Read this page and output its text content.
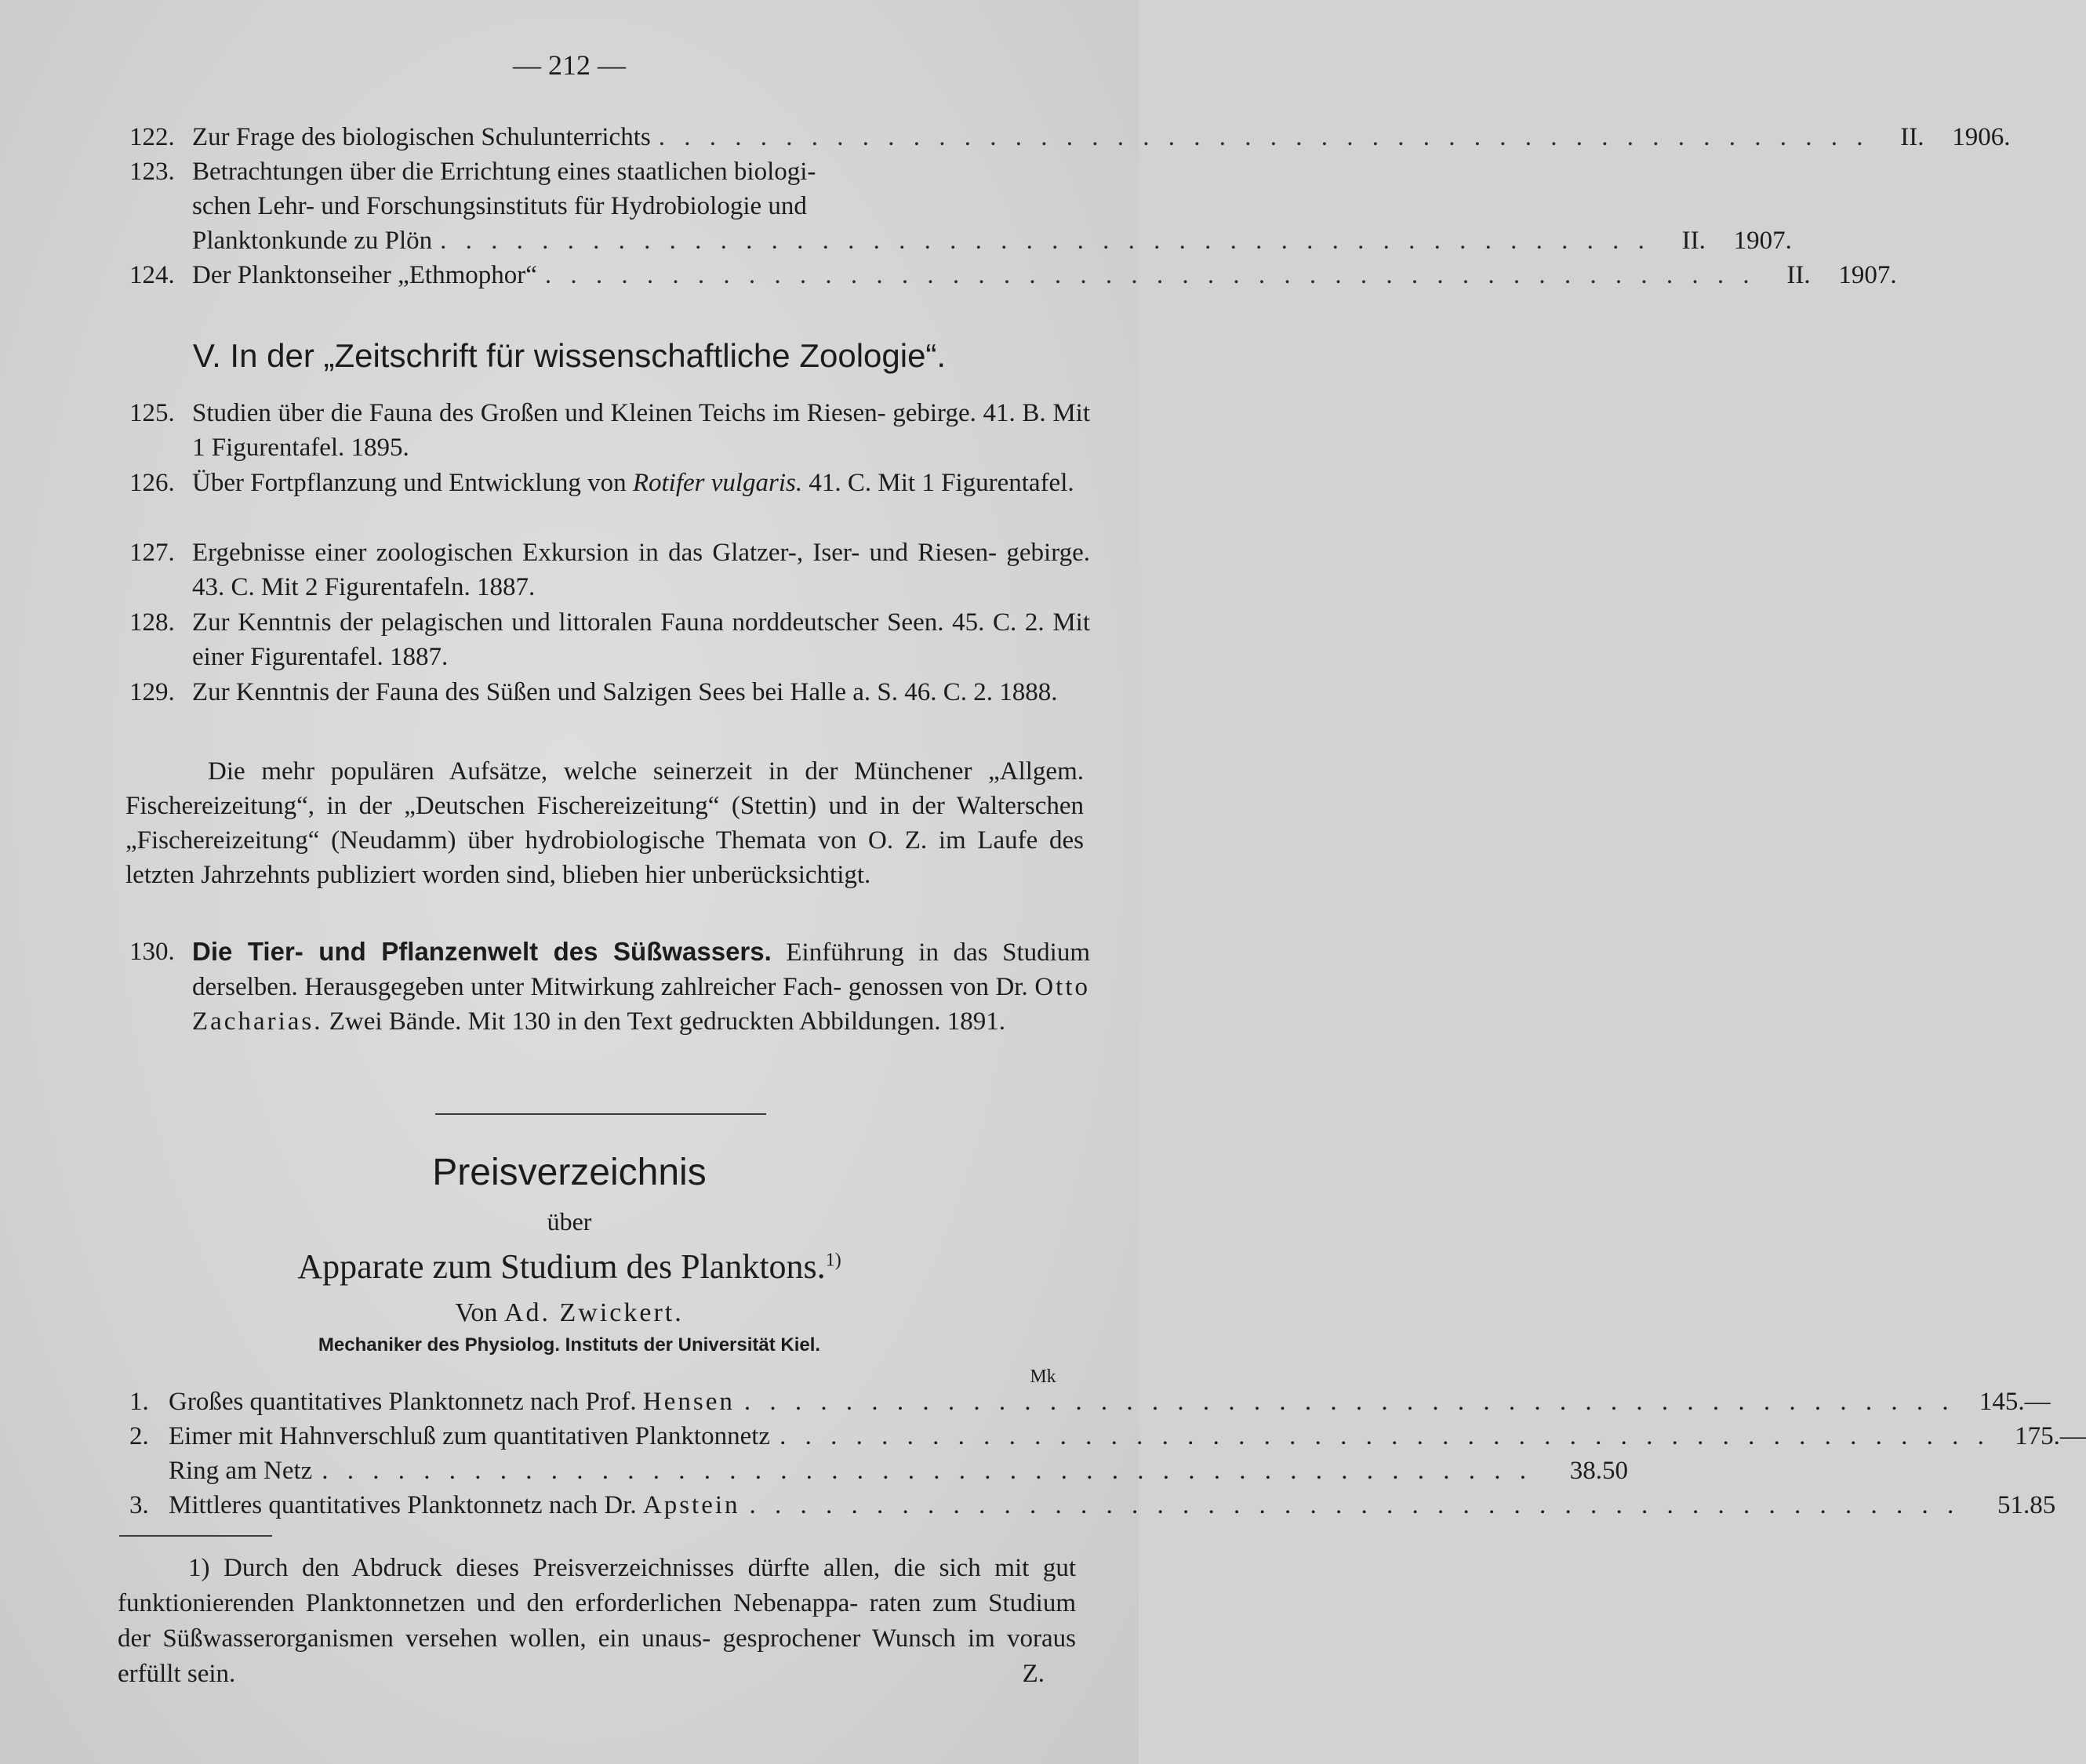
— 212 —
122. Zur Frage des biologischen Schulunterrichts . . . . . . . . . . . . . . . . . . . . . . . . . . . . . . . . . . . . . . . . . . . . . . . .	II.	1906.
123. Betrachtungen über die Errichtung eines staatlichen biologi-
schen Lehr- und Forschungsinstituts für Hydrobiologie und
Planktonkunde zu Plön . . . . . . . . . . . . . . . . . . . . . . . . . . . . . . . . . . . . . . . . . . . . . . . .	II.	1907.
124. Der Planktonseiher „Ethmophor“ . . . . . . . . . . . . . . . . . . . . . . . . . . . . . . . . . . . . . . . . . . . . . . . .	II.	1907.
V. In der „Zeitschrift für wissenschaftliche Zoologie“.
125. Studien über die Fauna des Großen und Kleinen Teichs im Riesen- gebirge. 41. B. Mit 1 Figurentafel. 1895.
126. Über Fortpflanzung und Entwicklung von Rotifer vulgaris. 41. C. Mit 1 Figurentafel.
127. Ergebnisse einer zoologischen Exkursion in das Glatzer-, Iser- und Riesen- gebirge. 43. C. Mit 2 Figurentafeln. 1887.
128. Zur Kenntnis der pelagischen und littoralen Fauna norddeutscher Seen. 45. C. 2. Mit einer Figurentafel. 1887.
129. Zur Kenntnis der Fauna des Süßen und Salzigen Sees bei Halle a. S. 46. C. 2. 1888.
Die mehr populären Aufsätze, welche seinerzeit in der Münchener „Allgem. Fischereizeitung“, in der „Deutschen Fischereizeitung“ (Stettin) und in der Walterschen „Fischereizeitung“ (Neudamm) über hydrobiologische Themata von O. Z. im Laufe des letzten Jahrzehnts publiziert worden sind, blieben hier unberücksichtigt.
130. Die Tier- und Pflanzenwelt des Süßwassers. Einführung in das Studium derselben. Herausgegeben unter Mitwirkung zahlreicher Fach- genossen von Dr. Otto Zacharias. Zwei Bände. Mit 130 in den Text gedruckten Abbildungen. 1891.
Preisverzeichnis
über
Apparate zum Studium des Planktons.$^{1)}$
Von Ad. Zwickert.
Mechaniker des Physiolog. Instituts der Universität Kiel.
Mk
1. Großes quantitatives Planktonnetz nach Prof. Hensen . . . . . . . . . . . . . . . . . . . . . . . . . . . . . . . . . . . . . . . . . . . . . . . . 145.—
2. Eimer mit Hahnverschluß zum quantitativen Planktonnetz . . . . . . . . . . . . . . . . . . . . . . . . . . . . . . . . . . . . . . . . . . . . . . . . 175.—
Ring am Netz . . . . . . . . . . . . . . . . . . . . . . . . . . . . . . . . . . . . . . . . . . . . . . . .	38.50
3. Mittleres quantitatives Planktonnetz nach Dr. Apstein . . . . . . . . . . . . . . . . . . . . . . . . . . . . . . . . . . . . . . . . . . . . . . . .	51.85
1) Durch den Abdruck dieses Preisverzeichnisses dürfte allen, die sich mit gut funktionierenden Planktonnetzen und den erforderlichen Nebenappa- raten zum Studium der Süßwasserorganismen versehen wollen, ein unaus- gesprochener Wunsch im voraus erfüllt sein.	Z.
